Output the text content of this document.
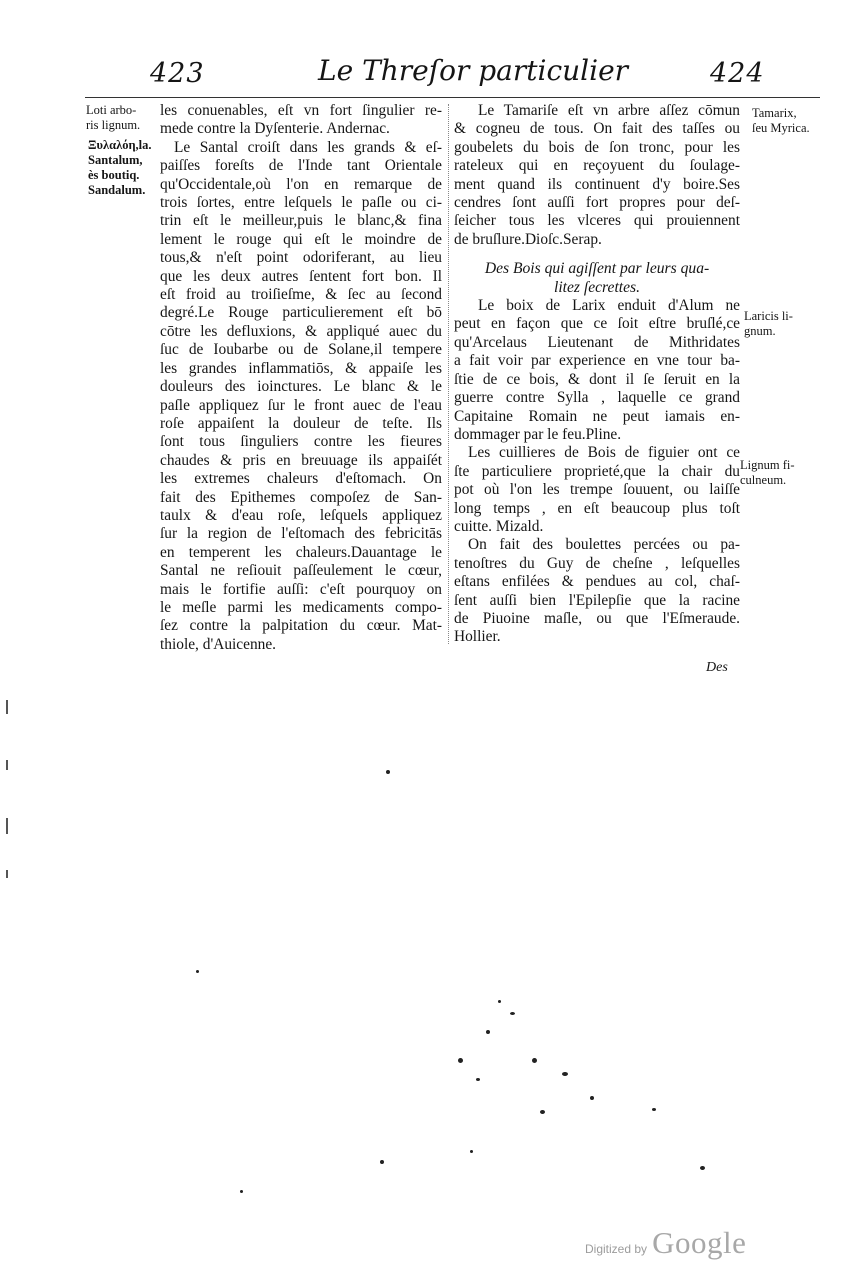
423	Le Threſor particulier	424
Loti arbo-
ris lignum.
Ξυλαλόη,la.
Santalum,
ès boutiq.
Sandalum.
Tamarix,
ſeu Myrica.
Laricis li-
gnum.
Lignum fi-
culneum.
les conuenables, eſt vn fort ſingulier re-
mede contre la Dyſenterie. Andernac.
Le Santal croiſt dans les grands & eſ-
paiſſes foreſts de l'Inde tant Orientale
qu'Occidentale,où l'on en remarque de
trois ſortes, entre leſquels le paſle ou ci-
trin eſt le meilleur,puis le blanc,& fina
lement le rouge qui eſt le moindre de
tous,& n'eſt point odoriferant, au lieu
que les deux autres ſentent fort bon. Il
eſt froid au troiſieſme, & ſec au ſecond
degré.Le Rouge particulierement eſt bō
cōtre les defluxions, & appliqué auec du
ſuc de Ioubarbe ou de Solane,il tempere
les grandes inflammatiōs, & appaiſe les
douleurs des ioinctures. Le blanc & le
paſle appliquez ſur le front auec de l'eau
roſe appaiſent la douleur de teſte. Ils
ſont tous ſinguliers contre les fieures
chaudes & pris en breuuage ils appaiſét
les extremes chaleurs d'eſtomach. On
fait des Epithemes compoſez de San-
taulx & d'eau roſe, leſquels appliquez
ſur la region de l'eſtomach des febricitās
en temperent les chaleurs.Dauantage le
Santal ne reſiouit paſſeulement le cœur,
mais le fortifie auſſi: c'eſt pourquoy on
le meſle parmi les medicaments compo-
ſez contre la palpitation du cœur. Mat-
thiole, d'Auicenne.
Le Tamariſe eſt vn arbre aſſez cōmun
& cogneu de tous. On fait des taſſes ou
goubelets du bois de ſon tronc, pour les
rateleux qui en reçoyuent du ſoulage-
ment quand ils continuent d'y boire.Ses
cendres ſont auſſi fort propres pour deſ-
ſeicher tous les vlceres qui prouiennent
de bruſlure.Dioſc.Serap.
Des Bois qui agiſſent par leurs qua-
litez ſecrettes.
Le boix de Larix enduit d'Alum ne
peut en façon que ce ſoit eſtre bruſlé,ce
qu'Arcelaus Lieutenant de Mithridates
a fait voir par experience en vne tour ba-
ſtie de ce bois, & dont il ſe ſeruit en la
guerre contre Sylla , laquelle ce grand
Capitaine Romain ne peut iamais en-
dommager par le feu.Pline.
Les cuillieres de Bois de figuier ont ce
ſte particuliere proprieté,que la chair du
pot où l'on les trempe ſouuent, ou laiſſe
long temps , en eſt beaucoup plus toſt
cuitte. Mizald.
On fait des boulettes percées ou pa-
tenoſtres du Guy de cheſne , leſquelles
eſtans enfilées & pendues au col, chaſ-
ſent auſſi bien l'Epilepſie que la racine
de Piuoine maſle, ou que l'Eſmeraude.
Hollier.
Des
Digitized by Google
